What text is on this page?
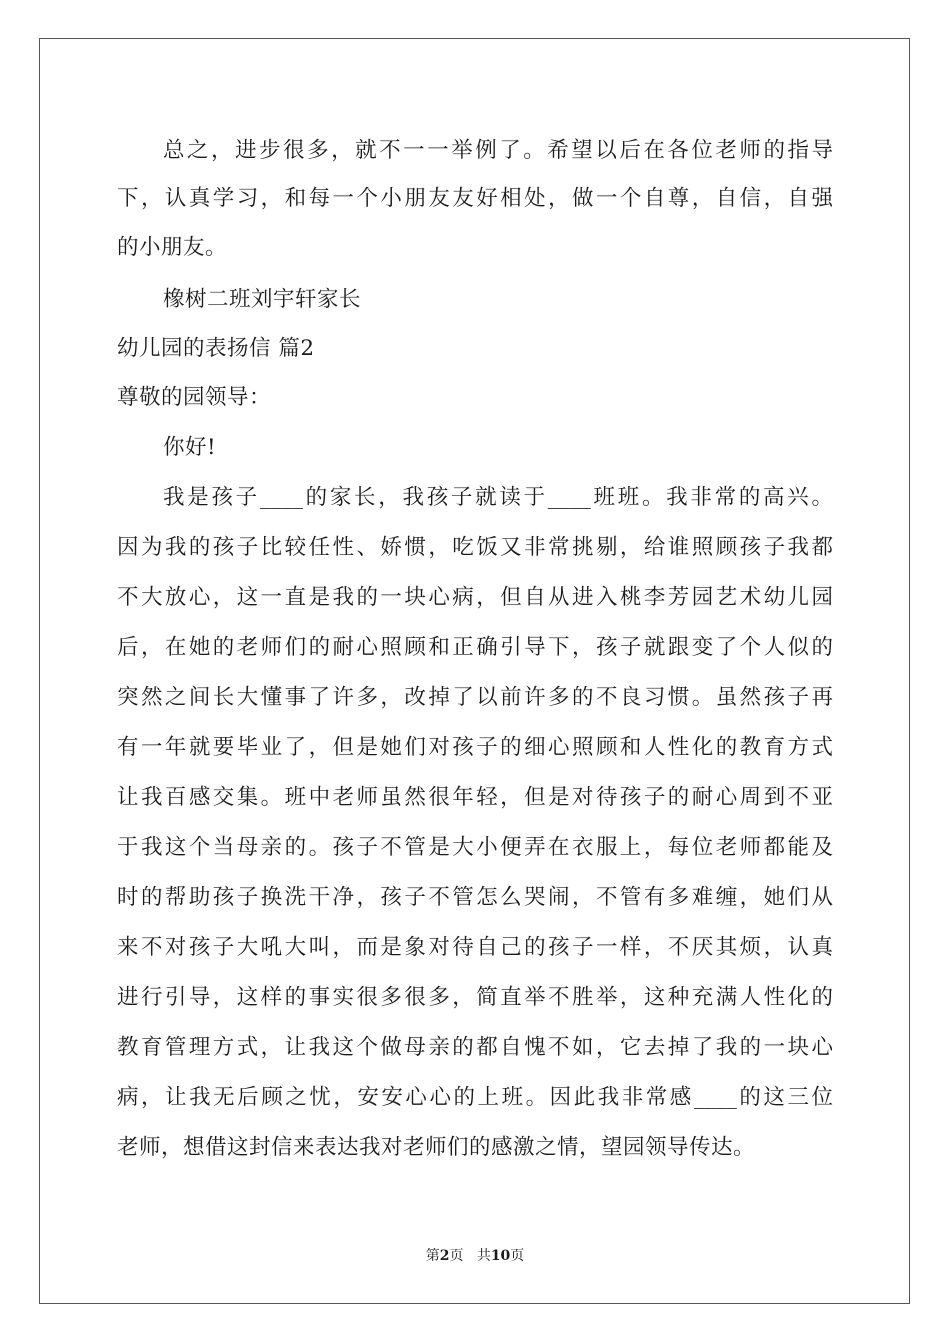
总之，进步很多，就不一一举例了。希望以后在各位老师的指导
下，认真学习，和每一个小朋友友好相处，做一个自尊，自信，自强
的小朋友。
橡树二班刘宇轩家长
幼儿园的表扬信 篇2
尊敬的园领导：
你好!
我是孩子____的家长，我孩子就读于____班班。我非常的高兴。
因为我的孩子比较任性、娇惯，吃饭又非常挑剔，给谁照顾孩子我都
不大放心，这一直是我的一块心病，但自从进入桃李芳园艺术幼儿园
后，在她的老师们的耐心照顾和正确引导下，孩子就跟变了个人似的
突然之间长大懂事了许多，改掉了以前许多的不良习惯。虽然孩子再
有一年就要毕业了，但是她们对孩子的细心照顾和人性化的教育方式
让我百感交集。班中老师虽然很年轻，但是对待孩子的耐心周到不亚
于我这个当母亲的。孩子不管是大小便弄在衣服上，每位老师都能及
时的帮助孩子换洗干净，孩子不管怎么哭闹，不管有多难缠，她们从
来不对孩子大吼大叫，而是象对待自己的孩子一样，不厌其烦，认真
进行引导，这样的事实很多很多，简直举不胜举，这种充满人性化的
教育管理方式，让我这个做母亲的都自愧不如，它去掉了我的一块心
病，让我无后顾之忧，安安心心的上班。因此我非常感____的这三位
老师，想借这封信来表达我对老师们的感激之情，望园领导传达。
第2页 共10页
